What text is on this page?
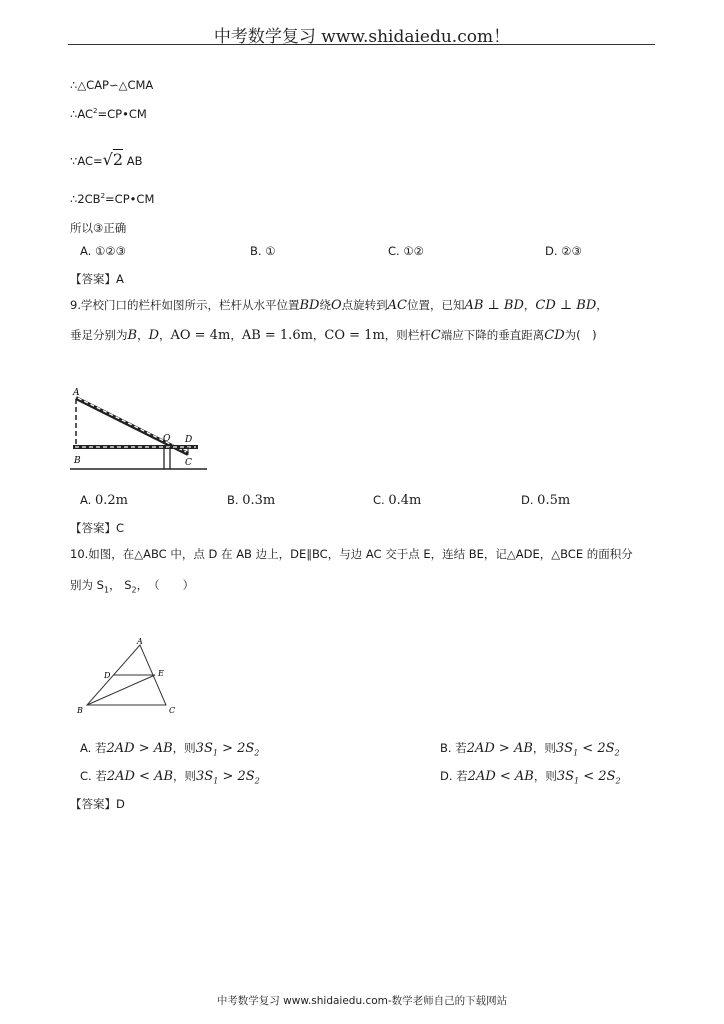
中考数学复习 www.shidaiedu.com！
∴△CAP∽△CMA
$\therefore AC^2=CP•CM$
∵AC=√2 AB
$\therefore 2CB^2=CP•CM$
所以③正确
A. ①②③	B. ①	C. ①②	D. ②③
【答案】A
9.学校门口的栏杆如图所示，栏杆从水平位置BD绕O点旋转到AC位置，已知AB ⊥ BD，CD ⊥ BD，
垂足分别为B，D，AO = 4m，AB = 1.6m，CO = 1m，则栏杆C端应下降的垂直距离CD为(　)
A
B
O D
C
A. 0.2m	B. 0.3m	C. 0.4m	D. 0.5m
【答案】C
10.如图，在△ABC 中，点 D 在 AB 边上，DE∥BC，与边 AC 交于点 E，连结 BE，记△ADE，△BCE 的面积分
别为 $S_1$， $S_2$，　（　　）
A
D	E
B	C
A. 若2AD > AB，则$3S_1 > 2S_2$	B. 若2AD > AB，则$3S_1 < 2S_2$
C. 若2AD < AB，则$3S_1 > 2S_2$	D. 若2AD < AB，则$3S_1 < 2S_2$
【答案】D
中考数学复习 www.shidaiedu.com-数学老师自己的下载网站
